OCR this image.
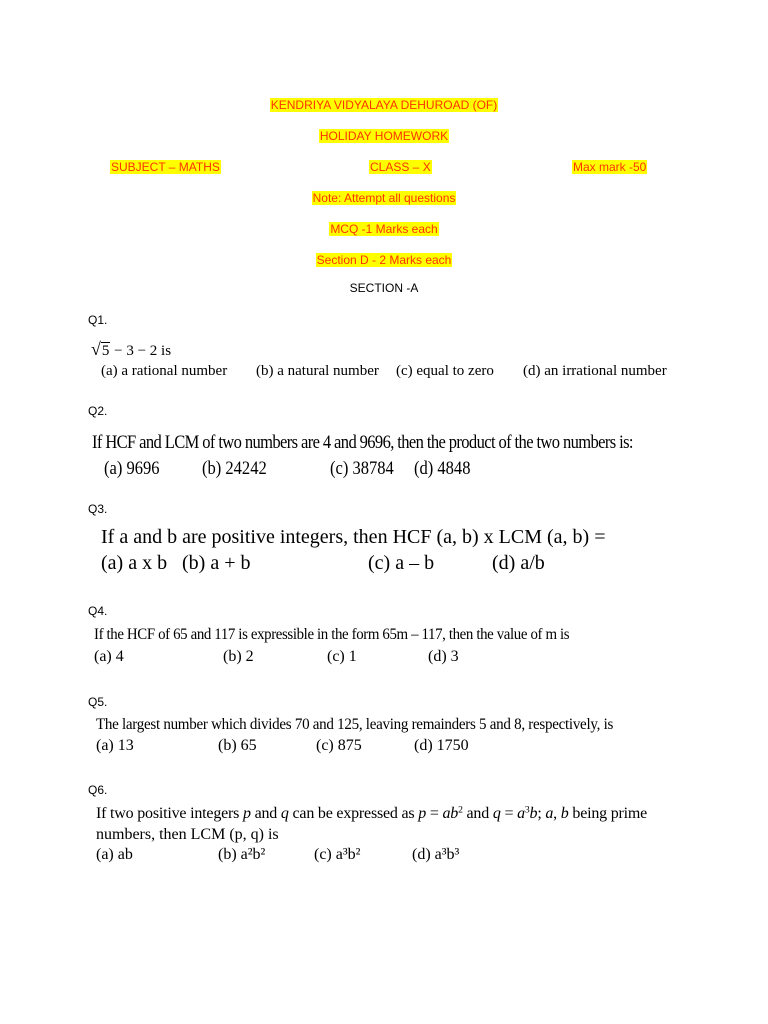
KENDRIYA VIDYALAYA DEHUROAD (OF)
HOLIDAY HOMEWORK
SUBJECT – MATHS	CLASS – X	Max mark -50
Note: Attempt all questions
MCQ -1 Marks each
Section D - 2 Marks each
SECTION -A
Q1.
√5 − 3 − 2 is
(a) a rational number (b) a natural number (c) equal to zero (d) an irrational number
Q2.
If HCF and LCM of two numbers are 4 and 9696, then the product of the two numbers is:
(a) 9696 (b) 24242	(c) 38784 (d) 4848
Q3.
If a and b are positive integers, then HCF (a, b) x LCM (a, b) =
(a) a x b (b) a + b	(c) a – b	(d) a/b
Q4.
If the HCF of 65 and 117 is expressible in the form 65m – 117, then the value of m is
(a) 4	(b) 2	(c) 1	(d) 3
Q5.
The largest number which divides 70 and 125, leaving remainders 5 and 8, respectively, is
(a) 13	(b) 65	(c) 875	(d) 1750
Q6.
If two positive integers p and q can be expressed as $p = ab^2$ and $q = a^3b$; a, b being prime
numbers, then LCM (p, q) is
(a) ab	(b) a²b²	(c) a³b²	(d) a³b³
